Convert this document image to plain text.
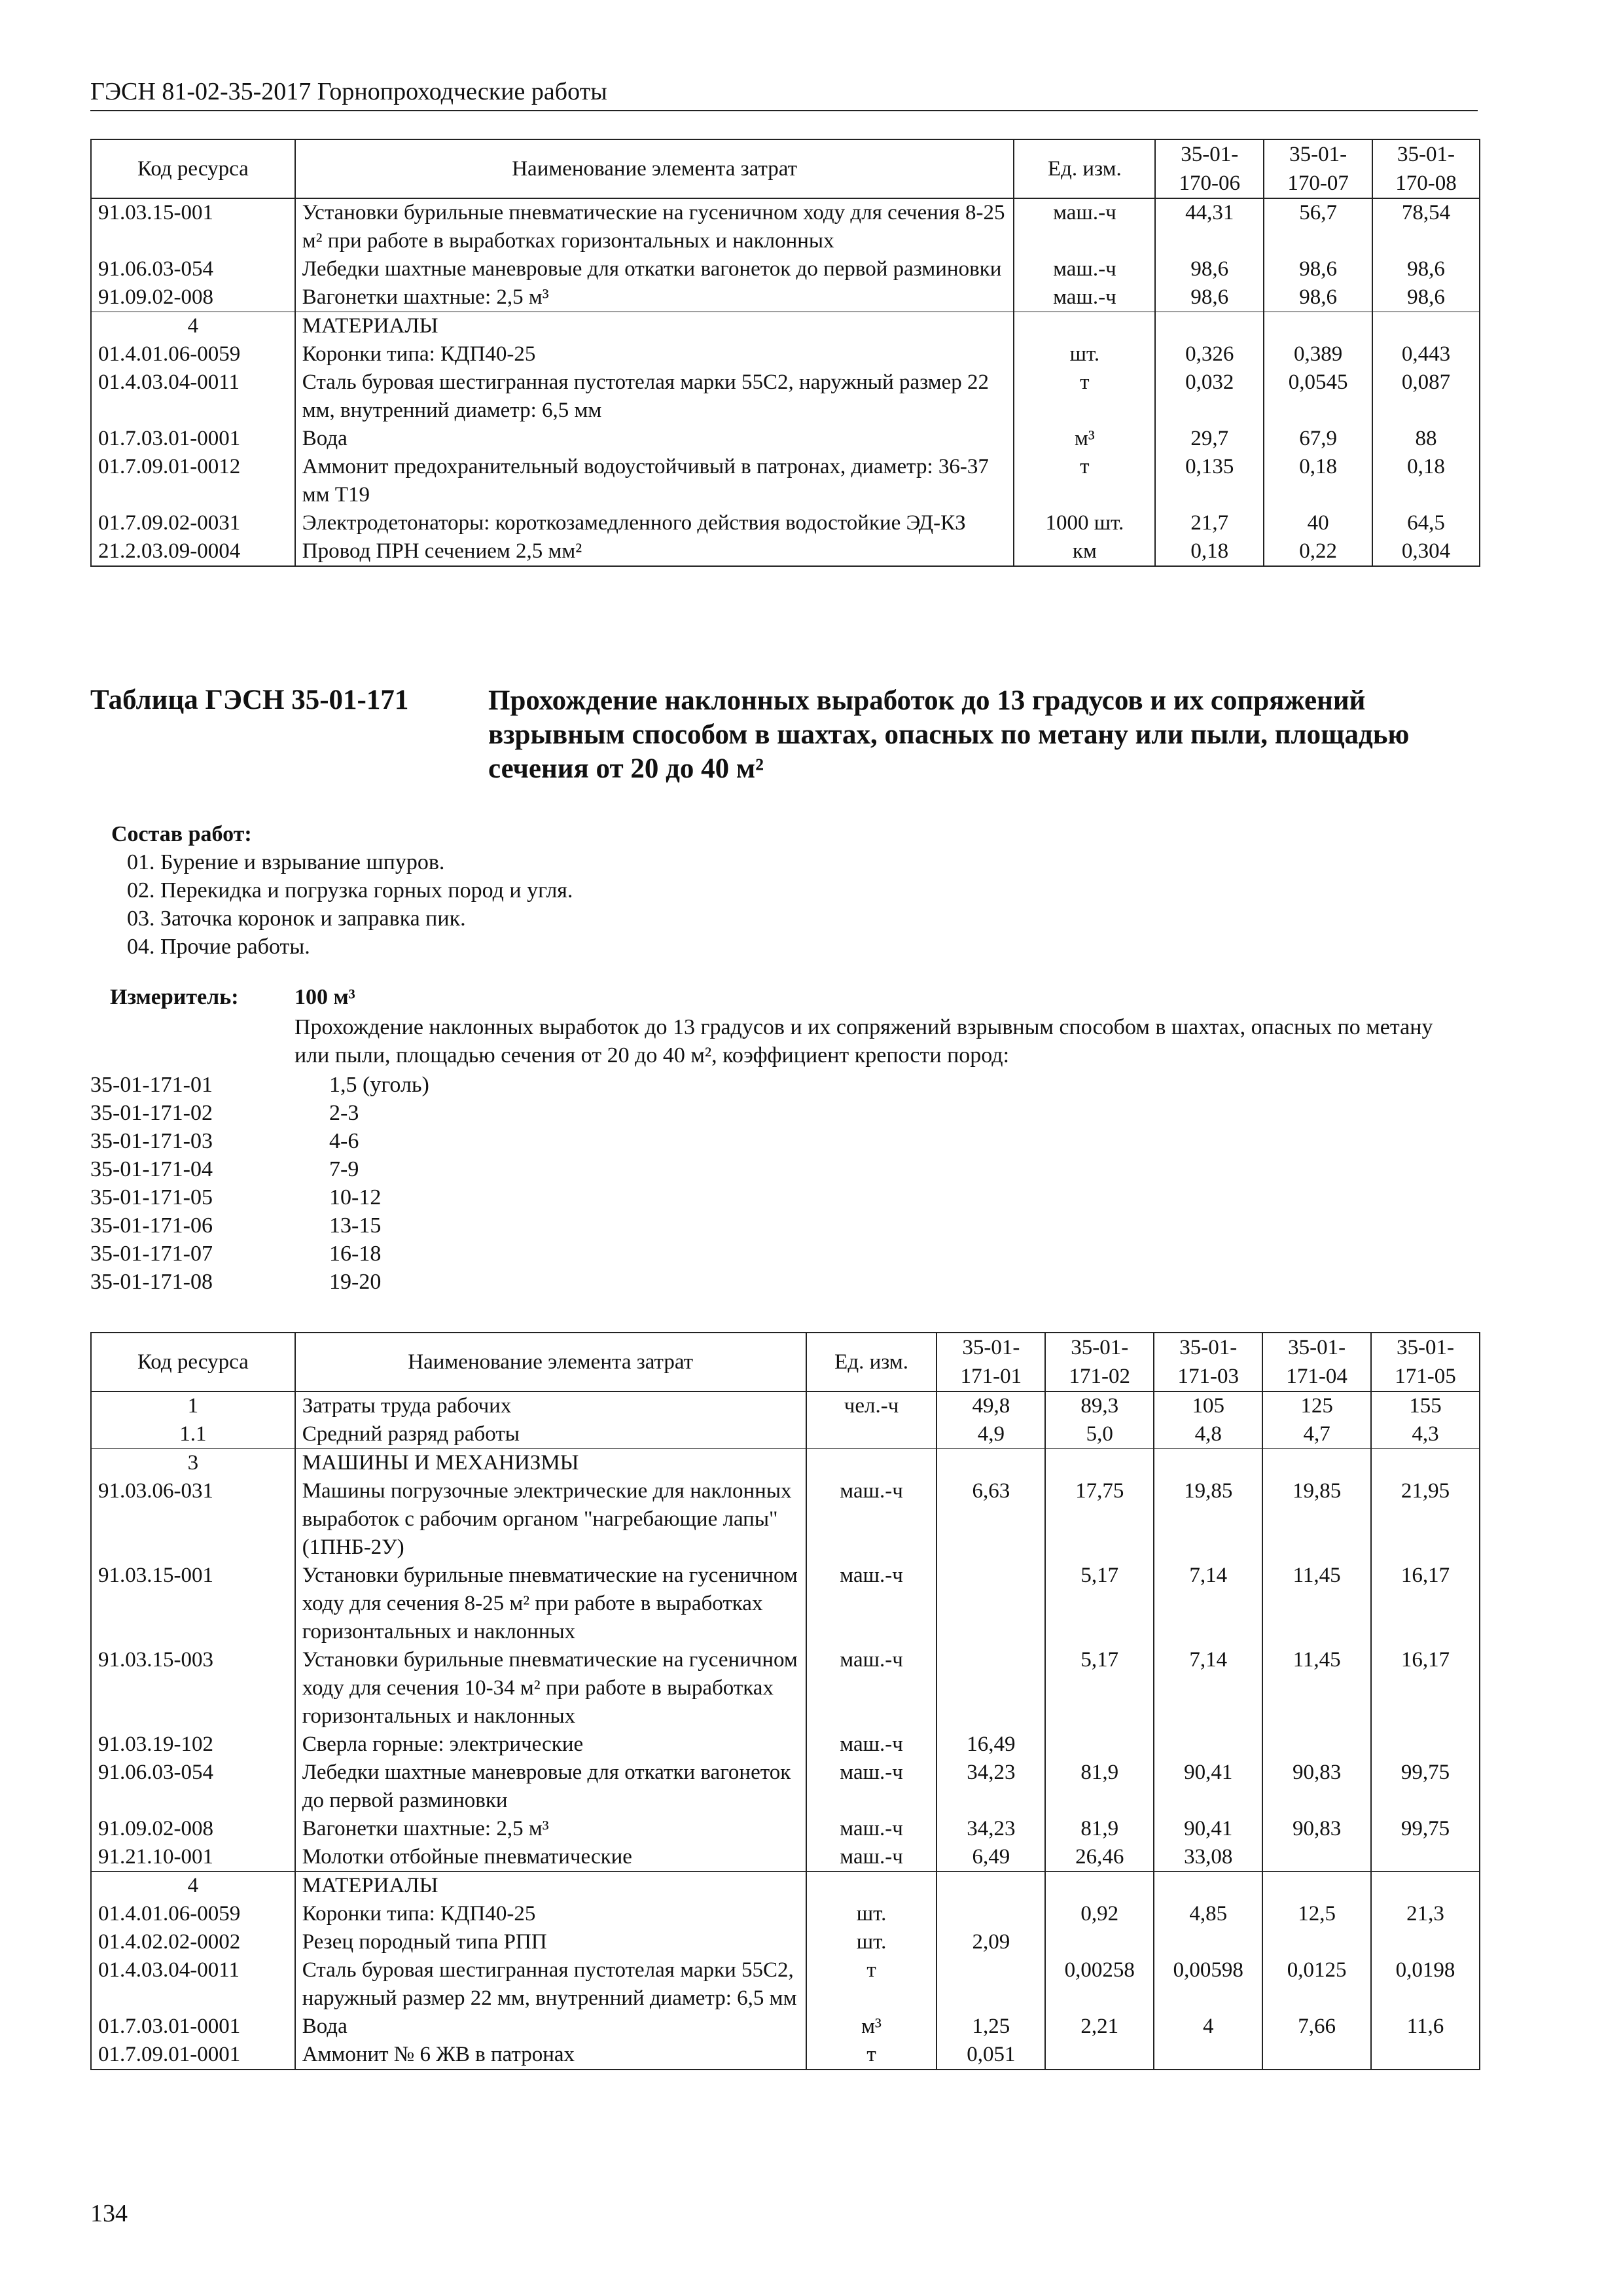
ГЭСН 81-02-35-2017 Горнопроходческие работы
Код ресурса	Наименование элемента затрат	Ед. изм.	35-01-170-06	35-01-170-07	35-01-170-08
91.03.15-001	Установки бурильные пневматические на гусеничном ходу для сечения 8-25 м² при работе в выработках горизонтальных и наклонных	маш.-ч	44,31	56,7	78,54
91.06.03-054	Лебедки шахтные маневровые для откатки вагонеток до первой разминовки	маш.-ч	98,6	98,6	98,6
91.09.02-008	Вагонетки шахтные: 2,5 м³	маш.-ч	98,6	98,6	98,6
4	МАТЕРИАЛЫ				
01.4.01.06-0059	Коронки типа: КДП40-25	шт.	0,326	0,389	0,443
01.4.03.04-0011	Сталь буровая шестигранная пустотелая марки 55С2, наружный размер 22 мм, внутренний диаметр: 6,5 мм	т	0,032	0,0545	0,087
01.7.03.01-0001	Вода	м³	29,7	67,9	88
01.7.09.01-0012	Аммонит предохранительный водоустойчивый в патронах, диаметр: 36-37 мм Т19	т	0,135	0,18	0,18
01.7.09.02-0031	Электродетонаторы: короткозамедленного действия водостойкие ЭД-КЗ	1000 шт.	21,7	40	64,5
21.2.03.09-0004	Провод ПРН сечением 2,5 мм²	км	0,18	0,22	0,304
Таблица ГЭСН 35-01-171	Прохождение наклонных выработок до 13 градусов и их сопряжений взрывным способом в шахтах, опасных по метану или пыли, площадью сечения от 20 до 40 м²
Состав работ:
01. Бурение и взрывание шпуров.
02. Перекидка и погрузка горных пород и угля.
03. Заточка коронок и заправка пик.
04. Прочие работы.
Измеритель:	100 м³
Прохождение наклонных выработок до 13 градусов и их сопряжений взрывным способом в шахтах, опасных по метану или пыли, площадью сечения от 20 до 40 м², коэффициент крепости пород:
35-01-171-01	1,5 (уголь)
35-01-171-02	2-3
35-01-171-03	4-6
35-01-171-04	7-9
35-01-171-05	10-12
35-01-171-06	13-15
35-01-171-07	16-18
35-01-171-08	19-20
Код ресурса	Наименование элемента затрат	Ед. изм.	35-01-171-01	35-01-171-02	35-01-171-03	35-01-171-04	35-01-171-05
1	Затраты труда рабочих	чел.-ч	49,8	89,3	105	125	155
1.1	Средний разряд работы		4,9	5,0	4,8	4,7	4,3
3	МАШИНЫ И МЕХАНИЗМЫ						
91.03.06-031	Машины погрузочные электрические для наклонных выработок с рабочим органом "нагребающие лапы" (1ПНБ-2У)	маш.-ч	6,63	17,75	19,85	19,85	21,95
91.03.15-001	Установки бурильные пневматические на гусеничном ходу для сечения 8-25 м² при работе в выработках горизонтальных и наклонных	маш.-ч		5,17	7,14	11,45	16,17
91.03.15-003	Установки бурильные пневматические на гусеничном ходу для сечения 10-34 м² при работе в выработках горизонтальных и наклонных	маш.-ч		5,17	7,14	11,45	16,17
91.03.19-102	Сверла горные: электрические	маш.-ч	16,49				
91.06.03-054	Лебедки шахтные маневровые для откатки вагонеток до первой разминовки	маш.-ч	34,23	81,9	90,41	90,83	99,75
91.09.02-008	Вагонетки шахтные: 2,5 м³	маш.-ч	34,23	81,9	90,41	90,83	99,75
91.21.10-001	Молотки отбойные пневматические	маш.-ч	6,49	26,46	33,08		
4	МАТЕРИАЛЫ						
01.4.01.06-0059	Коронки типа: КДП40-25	шт.		0,92	4,85	12,5	21,3
01.4.02.02-0002	Резец породный типа РПП	шт.	2,09				
01.4.03.04-0011	Сталь буровая шестигранная пустотелая марки 55С2, наружный размер 22 мм, внутренний диаметр: 6,5 мм	т		0,00258	0,00598	0,0125	0,0198
01.7.03.01-0001	Вода	м³	1,25	2,21	4	7,66	11,6
01.7.09.01-0001	Аммонит № 6 ЖВ в патронах	т	0,051				
134
